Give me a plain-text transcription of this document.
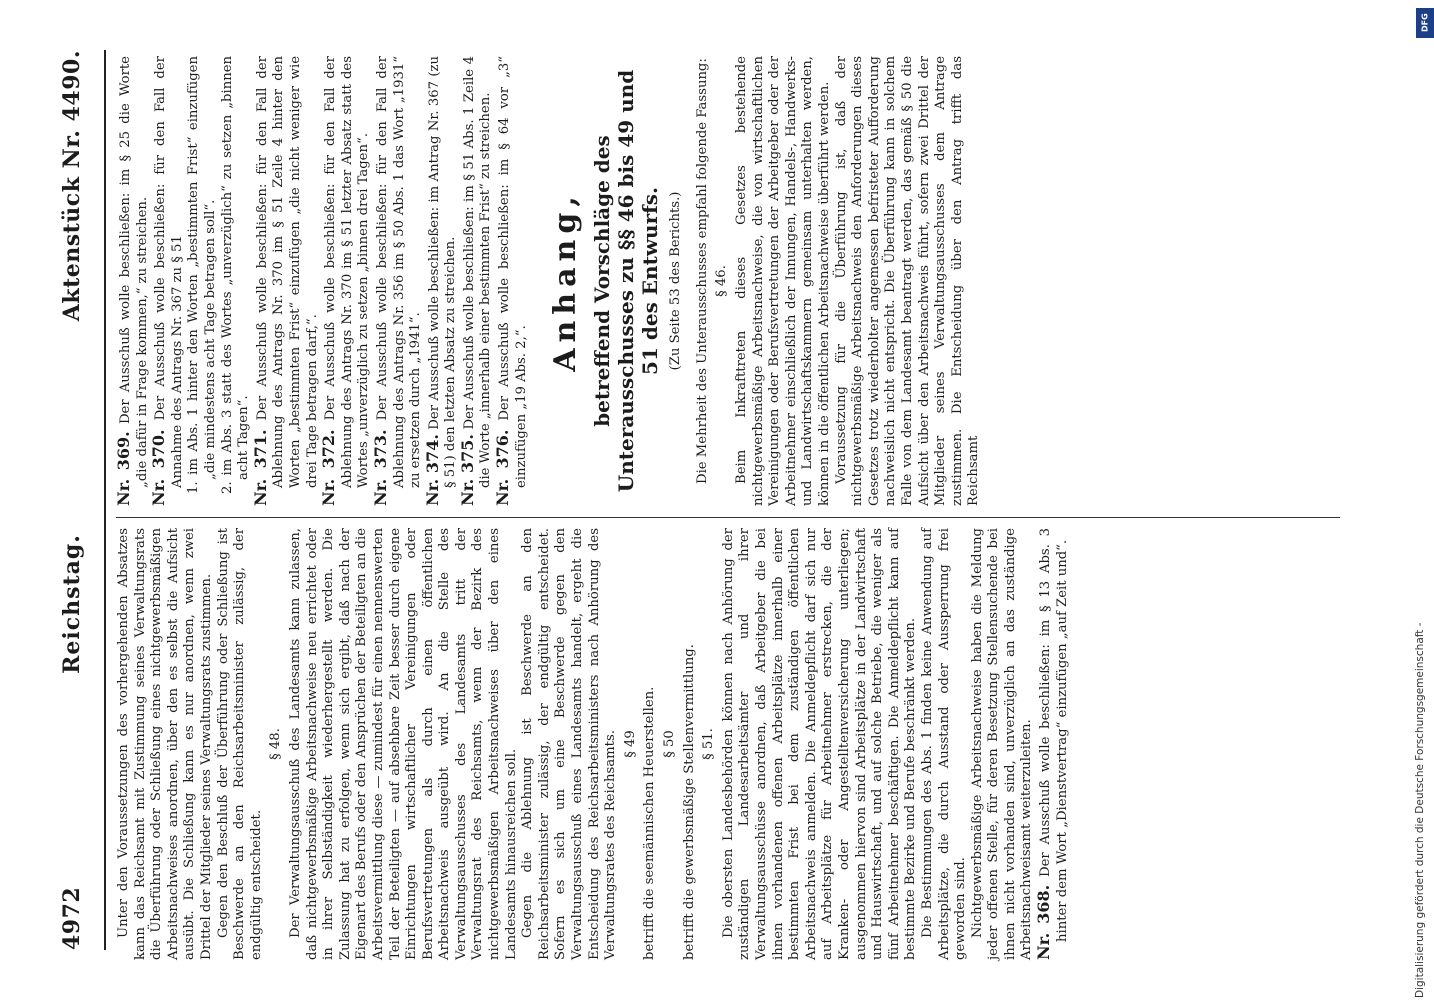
4972
Reichstag.
Aktenstück Nr. 4490.

Unter den Voraussetzungen des vorhergehenden Absatzes kann das Reichsamt mit Zustimmung seines Verwaltungsrats die Überführung oder Schließung eines nichtgewerbsmäßigen Arbeitsnachweises anordnen, über den es selbst die Aufsicht ausübt. Die Schließung kann es nur anordnen, wenn zwei Drittel der Mitglieder seines Verwaltungsrats zustimmen. Gegen den Beschluß der Überführung oder Schließung ist Beschwerde an den Reichsarbeitsminister zulässig, der endgültig entscheidet.

§ 48. Der Verwaltungsausschuß des Landesamts kann zulassen, daß nichtgewerbsmäßige Arbeitsnachweise neu errichtet oder in ihrer Selbständigkeit wiederhergestellt werden. Die Zulassung hat zu erfolgen, wenn sich ergibt, daß nach der Eigenart des Berufs oder den Ansprüchen der Beteiligten an die Arbeitsvermittlung diese — zumindest für einen nennenswerten Teil der Beteiligten — auf absehbare Zeit besser durch eigene Einrichtungen wirtschaftlicher Vereinigungen oder Berufsvertretungen als durch einen öffentlichen Arbeitsnachweis ausgeübt wird. An die Stelle des Verwaltungsausschusses des Landesamts tritt der Verwaltungsrat des Reichsamts, wenn der Bezirk des nichtgewerbsmäßigen Arbeitsnachweises über den eines Landesamts hinausreichen soll. Gegen die Ablehnung ist Beschwerde an den Reichsarbeitsminister zulässig, der endgültig entscheidet. Sofern es sich um eine Beschwerde gegen den Verwaltungsausschuß eines Landesamts handelt, ergeht die Entscheidung des Reichsarbeitsministers nach Anhörung des Verwaltungsrates des Reichsamts. § 49 betrifft die seemännischen Heuerstellen. § 50 betrifft die gewerbsmäßige Stellenvermittlung. § 51. Die obersten Landesbehörden können nach Anhörung der zuständigen Landesarbeitsämter und ihrer Verwaltungsausschüsse anordnen, daß Arbeitgeber die bei ihnen vorhandenen offenen Arbeitsplätze innerhalb einer bestimmten Frist bei dem zuständigen öffentlichen Arbeitsnachweis anmelden. Die Anmeldepflicht darf sich nur auf Arbeitsplätze für Arbeitnehmer erstrecken, die der Kranken- oder Angestelltenversicherung unterliegen; ausgenommen hiervon sind Arbeitsplätze in der Landwirtschaft und Hauswirtschaft, und auf solche Betriebe, die weniger als fünf Arbeitnehmer beschäftigen. Die Anmeldepflicht kann auf bestimmte Bezirke und Berufe beschränkt werden. Die Bestimmungen des Abs. 1 finden keine Anwendung auf Arbeitsplätze, die durch Ausstand oder Aussperrung frei geworden sind. Nichtgewerbsmäßige Arbeitsnachweise haben die Meldung jeder offenen Stelle, für deren Besetzung Stellensuchende bei ihnen nicht vorhanden sind, unverzüglich an das zuständige Arbeitsnachweisamt weiterzuleiten. Nr. 368. Der Ausschuß wolle beschließen: im § 13 Abs. 3 hinter dem Wort „Dienstvertrag“ einzufügen „auf Zeit und“.

Nr. 369. Der Ausschuß wolle beschließen: im § 25 die Worte „die dafür in Frage kommen,“ zu streichen. Nr. 370. Der Ausschuß wolle beschließen: für den Fall der Annahme des Antrags Nr. 367 zu § 51 1. im Abs. 1 hinter den Worten „bestimmten Frist“ einzufügen „die mindestens acht Tage betragen soll“. 2. im Abs. 3 statt des Wortes „unverzüglich“ zu setzen „binnen acht Tagen“. Nr. 371. Der Ausschuß wolle beschließen: für den Fall der Ablehnung des Antrags Nr. 370 im § 51 Zeile 4 hinter den Worten „bestimmten Frist“ einzufügen „die nicht weniger wie drei Tage betragen darf,“. Nr. 372. Der Ausschuß wolle beschließen: für den Fall der Ablehnung des Antrags Nr. 370 im § 51 letzter Absatz statt des Wortes „unverzüglich zu setzen „binnen drei Tagen“. Nr. 373. Der Ausschuß wolle beschließen: für den Fall der Ablehnung des Antrags Nr. 356 im § 50 Abs. 1 das Wort „1931“ zu ersetzen durch „1941“. Nr. 374. Der Ausschuß wolle beschließen: im Antrag Nr. 367 (zu § 51) den letzten Absatz zu streichen. Nr. 375. Der Ausschuß wolle beschließen: im § 51 Abs. 1 Zeile 4 die Worte „innerhalb einer bestimmten Frist“ zu streichen. Nr. 376. Der Ausschuß wolle beschließen: im § 64 vor „3“ einzufügen „19 Abs. 2,“.

Anhang, betreffend Vorschläge des Unterausschusses zu §§ 46 bis 49 und 51 des Entwurfs. (Zu Seite 53 des Berichts.) Die Mehrheit des Unterausschusses empfahl folgende Fassung: § 46. Beim Inkrafttreten dieses Gesetzes bestehende nichtgewerbsmäßige Arbeitsnachweise, die von wirtschaftlichen Vereinigungen oder Berufsvertretungen der Arbeitgeber oder der Arbeitnehmer einschließlich der Innungen, Handels-, Handwerks- und Landwirtschaftskammern gemeinsam unterhalten werden, können in die öffentlichen Arbeitsnachweise überführt werden. Voraussetzung für die Überführung ist, daß der nichtgewerbsmäßige Arbeitsnachweis den Anforderungen dieses Gesetzes trotz wiederholter angemessen befristeter Aufforderung nachweislich nicht entspricht. Die Überführung kann in solchem Falle von dem Landesamt beantragt werden, das gemäß § 50 die Aufsicht über den Arbeitsnachweis führt, sofern zwei Drittel der Mitglieder seines Verwaltungsausschusses dem Antrage zustimmen. Die Entscheidung über den Antrag trifft das Reichsamt

DFG
Digitalisierung gefördert durch die Deutsche Forschungsgemeinschaft -
